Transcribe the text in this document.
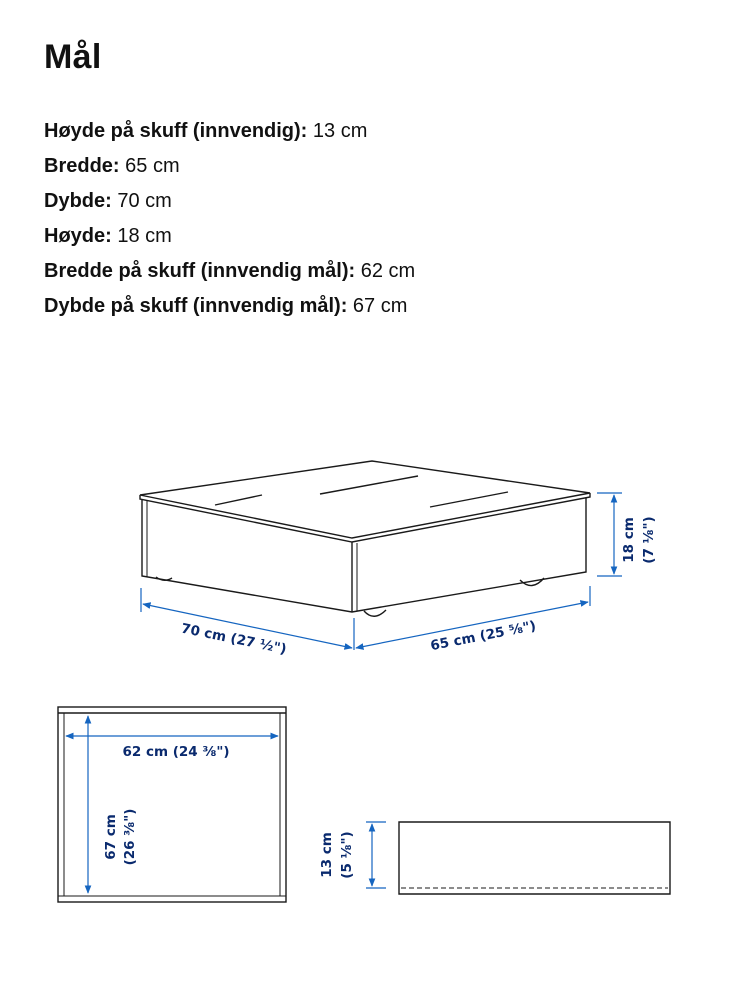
Mål
Høyde på skuff (innvendig): 13 cm
Bredde: 65 cm
Dybde: 70 cm
Høyde: 18 cm
Bredde på skuff (innvendig mål): 62 cm
Dybde på skuff (innvendig mål): 67 cm
18 cm (7 ⅛")
70 cm (27 ½")	65 cm (25 ⅝")
62 cm (24 ⅜")
67 cm (26 ⅜")	13 cm (5 ⅛")
